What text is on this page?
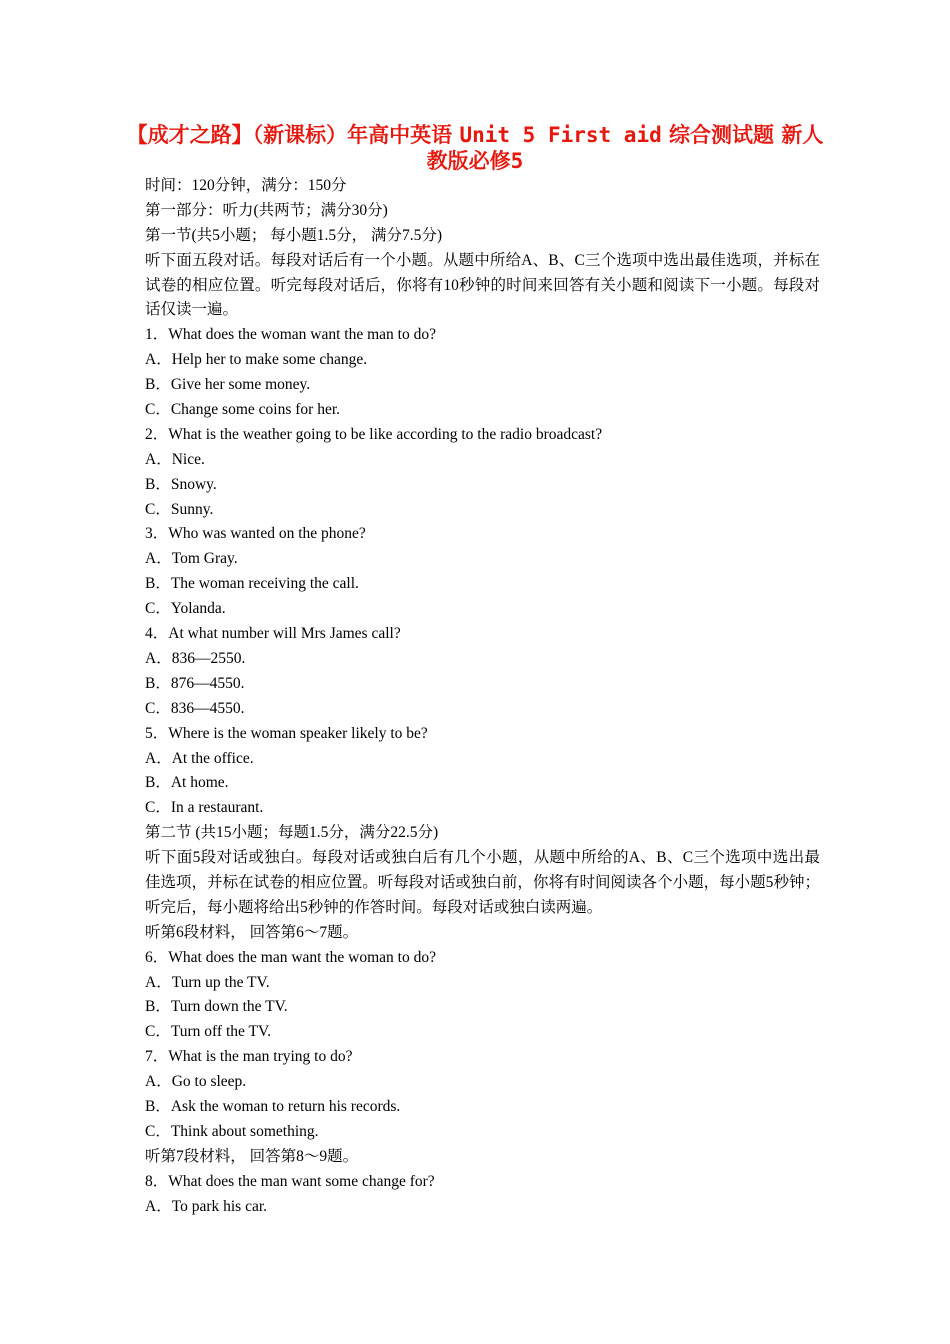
【成才之路】（新课标）年高中英语 Unit 5 First aid 综合测试题 新人教版必修5
时间：120分钟，满分：150分
第一部分：听力(共两节；满分30分)
第一节(共5小题； 每小题1.5分， 满分7.5分)
听下面五段对话。每段对话后有一个小题。从题中所给A、B、C三个选项中选出最佳选项，并标在试卷的相应位置。听完每段对话后，你将有10秒钟的时间来回答有关小题和阅读下一小题。每段对话仅读一遍。
1．What does the woman want the man to do?
A．Help her to make some change.
B．Give her some money.
C．Change some coins for her.
2．What is the weather going to be like according to the radio broadcast?
A．Nice.
B．Snowy.
C．Sunny.
3．Who was wanted on the phone?
A．Tom Gray.
B．The woman receiving the call.
C．Yolanda.
4．At what number will Mrs James call?
A．836—2550.
B．876—4550.
C．836—4550.
5．Where is the woman speaker likely to be?
A．At the office.
B．At home.
C．In a restaurant.
第二节 (共15小题；每题1.5分，满分22.5分)
听下面5段对话或独白。每段对话或独白后有几个小题，从题中所给的A、B、C三个选项中选出最佳选项，并标在试卷的相应位置。听每段对话或独白前，你将有时间阅读各个小题，每小题5秒钟；听完后，每小题将给出5秒钟的作答时间。每段对话或独白读两遍。
听第6段材料， 回答第6～7题。
6．What does the man want the woman to do?
A．Turn up the TV.
B．Turn down the TV.
C．Turn off the TV.
7．What is the man trying to do?
A．Go to sleep.
B．Ask the woman to return his records.
C．Think about something.
听第7段材料， 回答第8～9题。
8．What does the man want some change for?
A．To park his car.
